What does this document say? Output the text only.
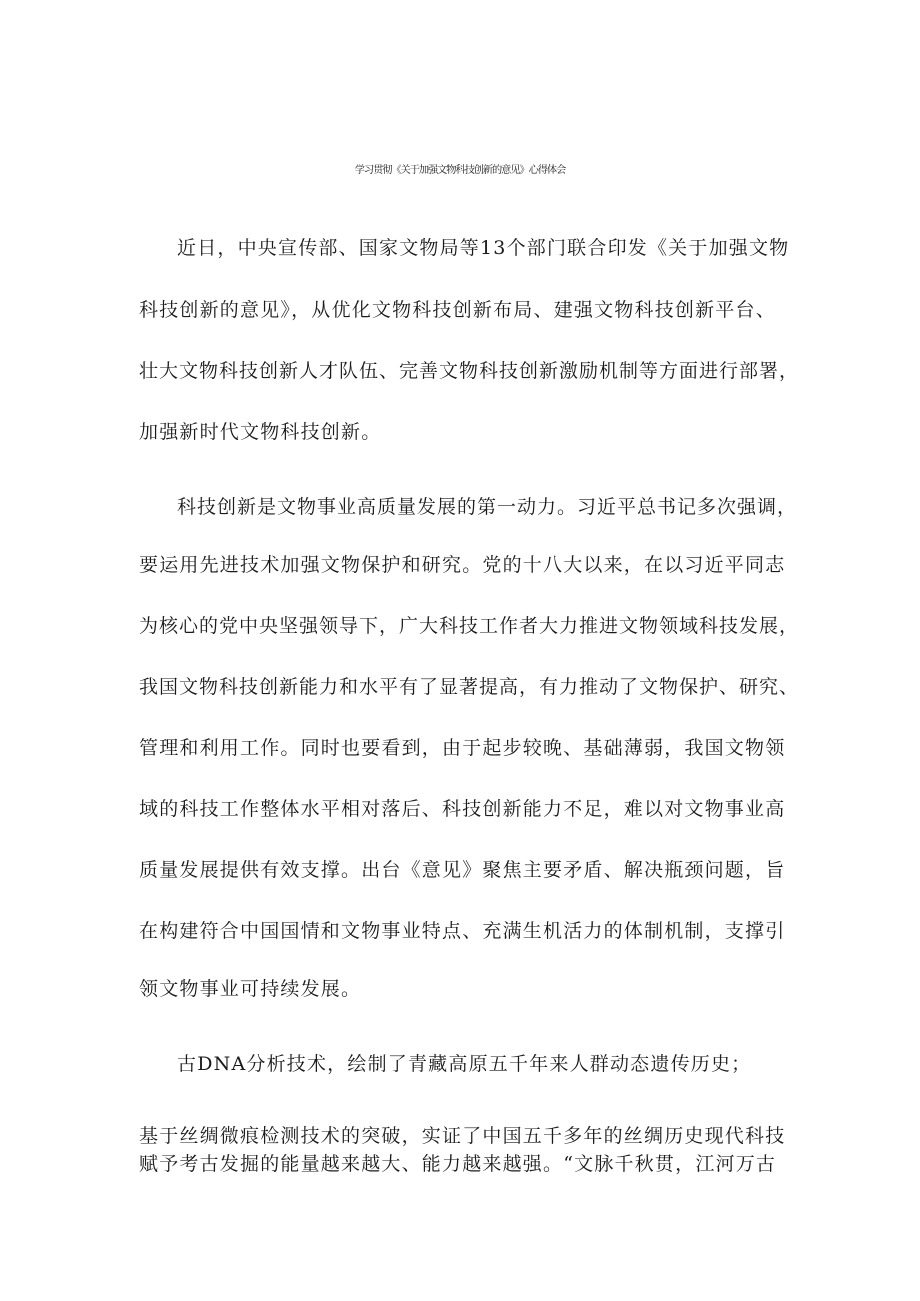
学习贯彻《关于加强文物科技创新的意见》心得体会
近日，中央宣传部、国家文物局等13个部门联合印发《关于加强文物
科技创新的意见》，从优化文物科技创新布局、建强文物科技创新平台、
壮大文物科技创新人才队伍、完善文物科技创新激励机制等方面进行部署，
加强新时代文物科技创新。
科技创新是文物事业高质量发展的第一动力。习近平总书记多次强调，
要运用先进技术加强文物保护和研究。党的十八大以来，在以习近平同志
为核心的党中央坚强领导下，广大科技工作者大力推进文物领域科技发展，
我国文物科技创新能力和水平有了显著提高，有力推动了文物保护、研究、
管理和利用工作。同时也要看到，由于起步较晚、基础薄弱，我国文物领
域的科技工作整体水平相对落后、科技创新能力不足，难以对文物事业高
质量发展提供有效支撑。出台《意见》聚焦主要矛盾、解决瓶颈问题，旨
在构建符合中国国情和文物事业特点、充满生机活力的体制机制，支撑引
领文物事业可持续发展。
古DNA分析技术，绘制了青藏高原五千年来人群动态遗传历史；
基于丝绸微痕检测技术的突破，实证了中国五千多年的丝绸历史现代科技
赋予考古发掘的能量越来越大、能力越来越强。“文脉千秋贯，江河万古
